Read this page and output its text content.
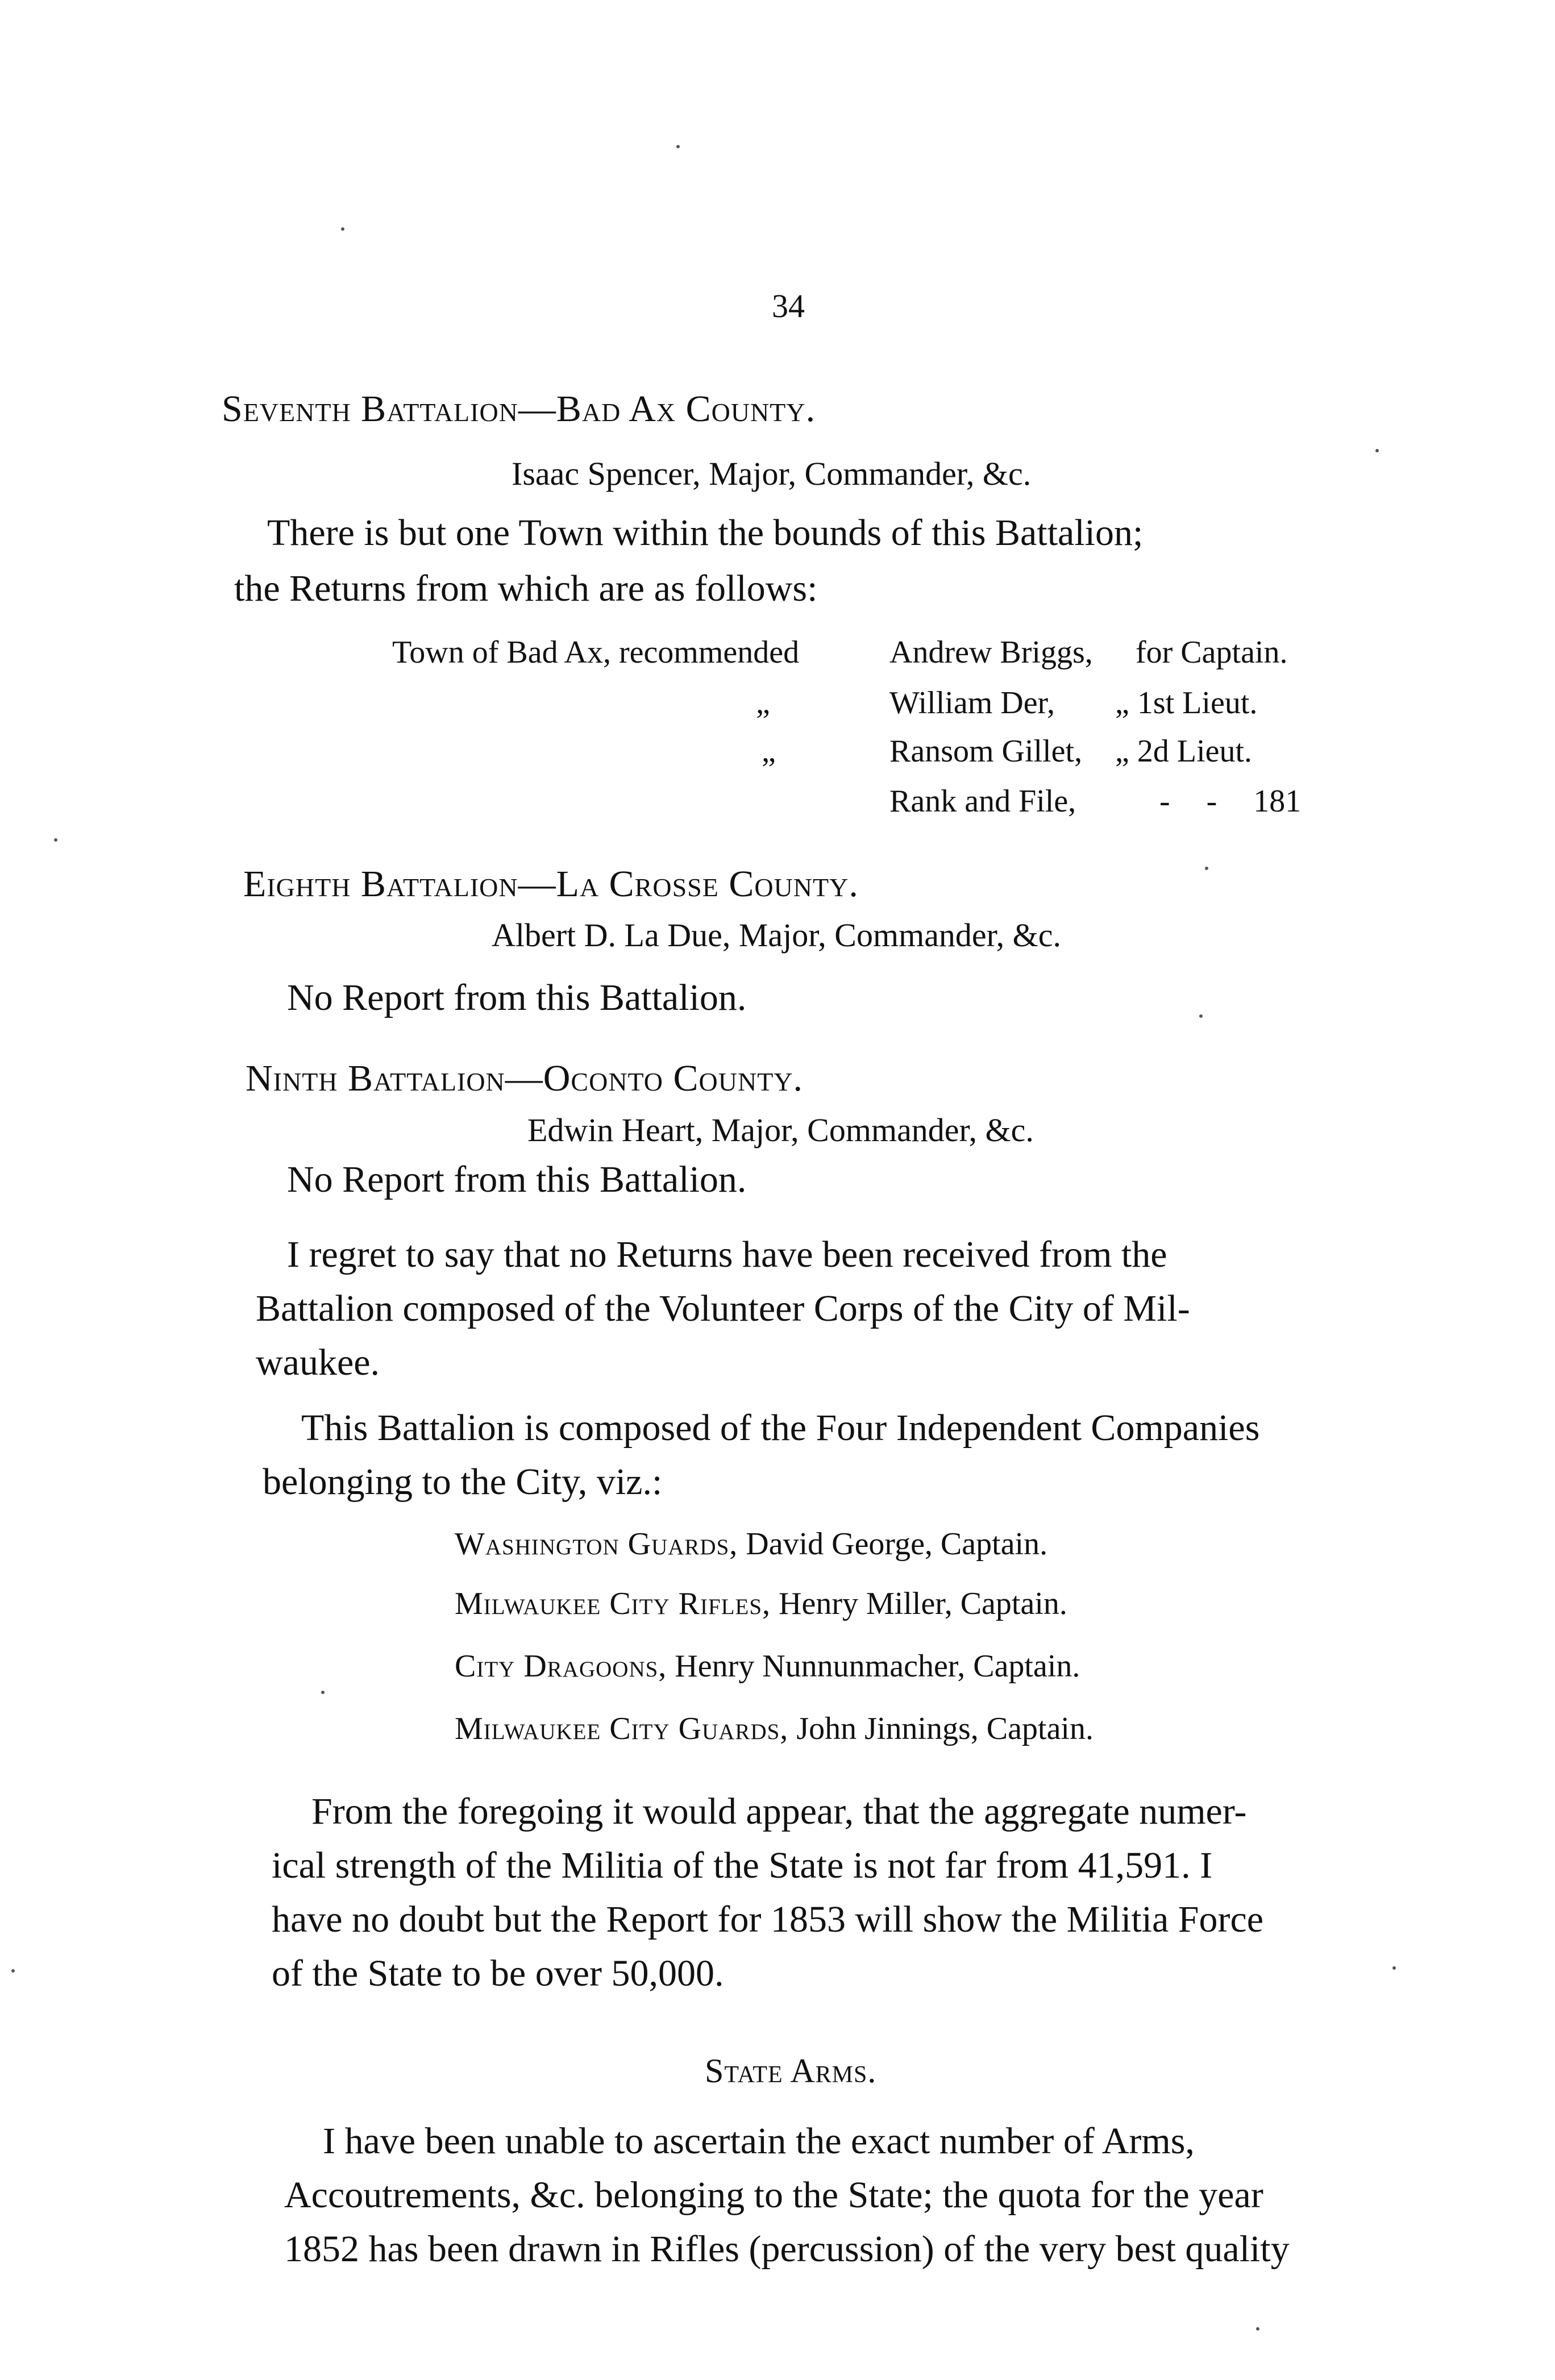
34
Seventh Battalion—Bad Ax County.
Isaac Spencer, Major, Commander, &c.
There is but one Town within the bounds of this Battalion;
the Returns from which are as follows:
Town of Bad Ax, recommended	Andrew Briggs, for Captain.
„	William Der, „ 1st Lieut.
„	Ransom Gillet, „ 2d Lieut.
Rank and File,	- - 181
Eighth Battalion—La Crosse County.
Albert D. La Due, Major, Commander, &c.
No Report from this Battalion.
Ninth Battalion—Oconto County.
Edwin Heart, Major, Commander, &c.
No Report from this Battalion.
I regret to say that no Returns have been received from the
Battalion composed of the Volunteer Corps of the City of Mil-
waukee.
This Battalion is composed of the Four Independent Companies
belonging to the City, viz.:
Washington Guards, David George, Captain.
Milwaukee City Rifles, Henry Miller, Captain.
City Dragoons, Henry Nunnunmacher, Captain.
Milwaukee City Guards, John Jinnings, Captain.
From the foregoing it would appear, that the aggregate numer-
ical strength of the Militia of the State is not far from 41,591. I
have no doubt but the Report for 1853 will show the Militia Force
of the State to be over 50,000.
State Arms.
I have been unable to ascertain the exact number of Arms,
Accoutrements, &c. belonging to the State; the quota for the year
1852 has been drawn in Rifles (percussion) of the very best quality
